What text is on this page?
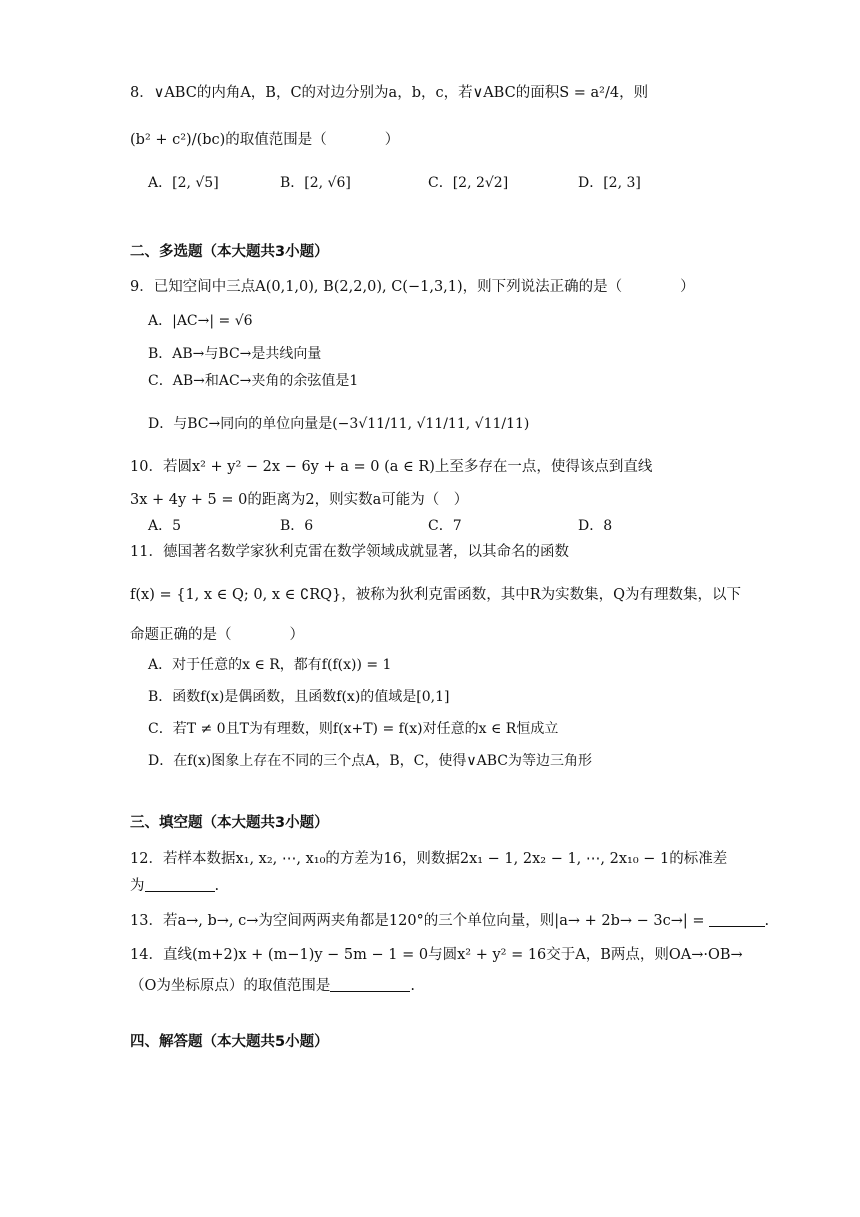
8．∨ABC的内角A，B，C的对边分别为a，b，c，若∨ABC的面积S = a²/4，则
(b² + c²)/(bc)的取值范围是（　　　　）
A．[2, √5]	B．[2, √6]	C．[2, 2√2]	D．[2, 3]
二、多选题（本大题共3小题）
9．已知空间中三点A(0,1,0), B(2,2,0), C(−1,3,1)，则下列说法正确的是（　　　　）
A．|AC→| = √6
B．AB→与BC→是共线向量
C．AB→和AC→夹角的余弦值是1
D．与BC→同向的单位向量是(−3√11/11, √11/11, √11/11)
10．若圆x² + y² − 2x − 6y + a = 0 (a ∈ R)上至多存在一点，使得该点到直线
3x + 4y + 5 = 0的距离为2，则实数a可能为（　）
A．5	B．6	C．7	D．8
11．德国著名数学家狄利克雷在数学领域成就显著，以其命名的函数
f(x) = {1, x ∈ Q; 0, x ∈ ∁RQ}，被称为狄利克雷函数，其中R为实数集，Q为有理数集，以下
命题正确的是（　　　　）
A．对于任意的x ∈ R，都有f(f(x)) = 1
B．函数f(x)是偶函数，且函数f(x)的值域是[0,1]
C．若T ≠ 0且T为有理数，则f(x+T) = f(x)对任意的x ∈ R恒成立
D．在f(x)图象上存在不同的三个点A，B，C，使得∨ABC为等边三角形
三、填空题（本大题共3小题）
12．若样本数据x₁, x₂, ⋯, x₁₀的方差为16，则数据2x₁ − 1, 2x₂ − 1, ⋯, 2x₁₀ − 1的标准差
为	.
13．若a→, b→, c→为空间两两夹角都是120°的三个单位向量，则|a→ + 2b→ − 3c→| =	.
14．直线(m+2)x + (m−1)y − 5m − 1 = 0与圆x² + y² = 16交于A，B两点，则OA→·OB→
（O为坐标原点）的取值范围是	.
四、解答题（本大题共5小题）
